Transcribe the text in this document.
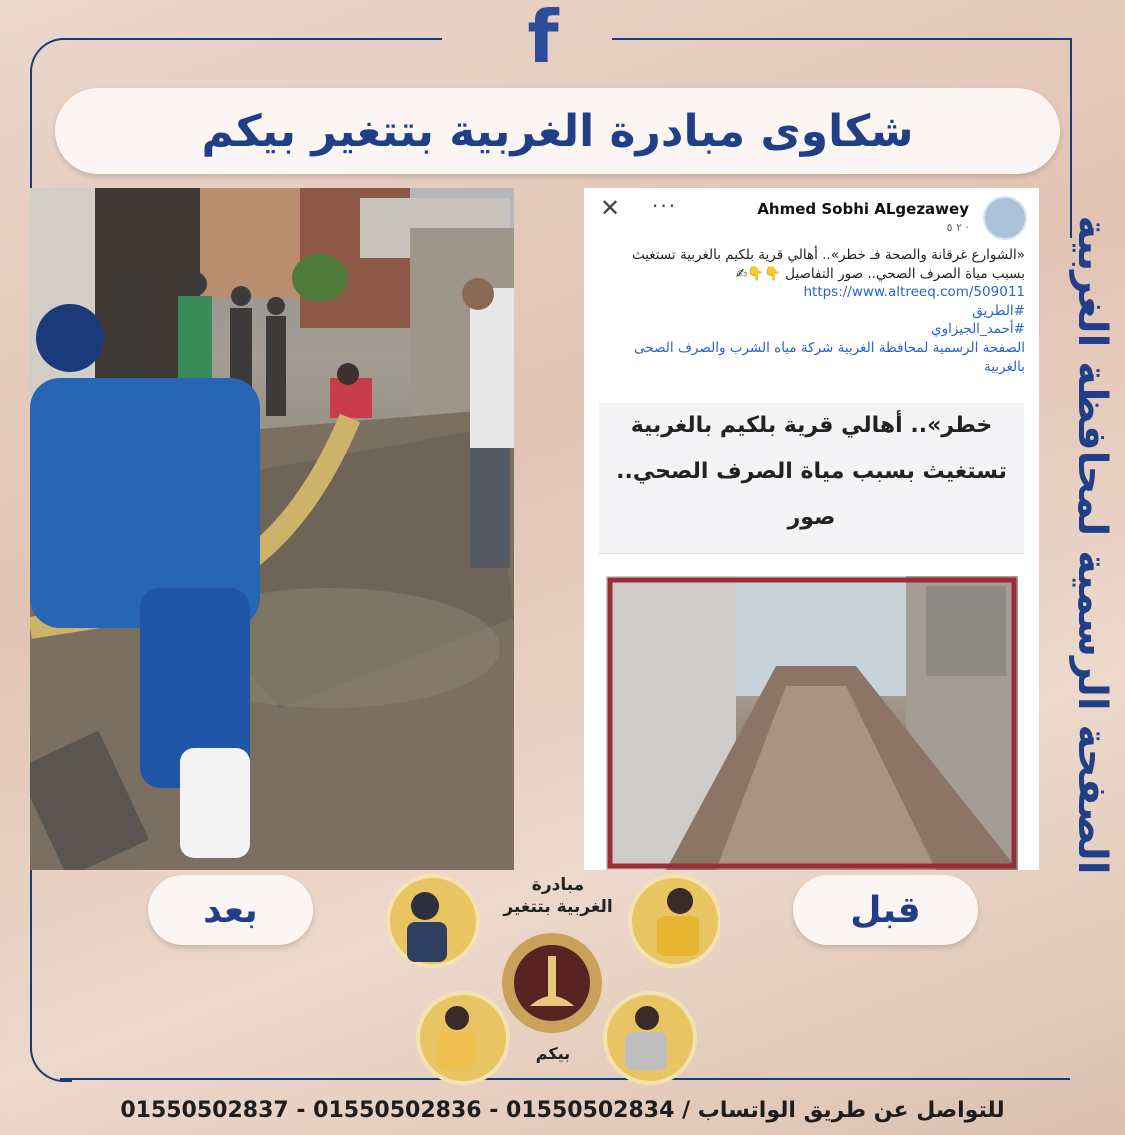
f
شكاوى مبادرة الغربية بتتغير بيكم
الصفحة الرسمية لمحافظة الغربية
✕ ···	Ahmed Sobhi ALgezawey
٢ ٥ ·
«الشوارع غرقانة والصحة فـ خطر».. أهالي قرية بلكيم بالغربية تستغيث بسبب مياة الصرف الصحي.. صور التفاصيل 👇👇✍
https://www.altreeq.com/509011
#الطريق
#أحمد_الجيزاوي
الصفحة الرسمية لمحافظة الغربية شركة مياه الشرب والصرف الصحى بالغربية
خطر».. أهالي قرية بلكيم بالغربية تستغيث بسبب مياة الصرف الصحي.. صور
بعد	قبل
مبادرة الغربية بتتغير
بيكم
للتواصل عن طريق الواتساب / 01550502834 - 01550502836 - 01550502837
